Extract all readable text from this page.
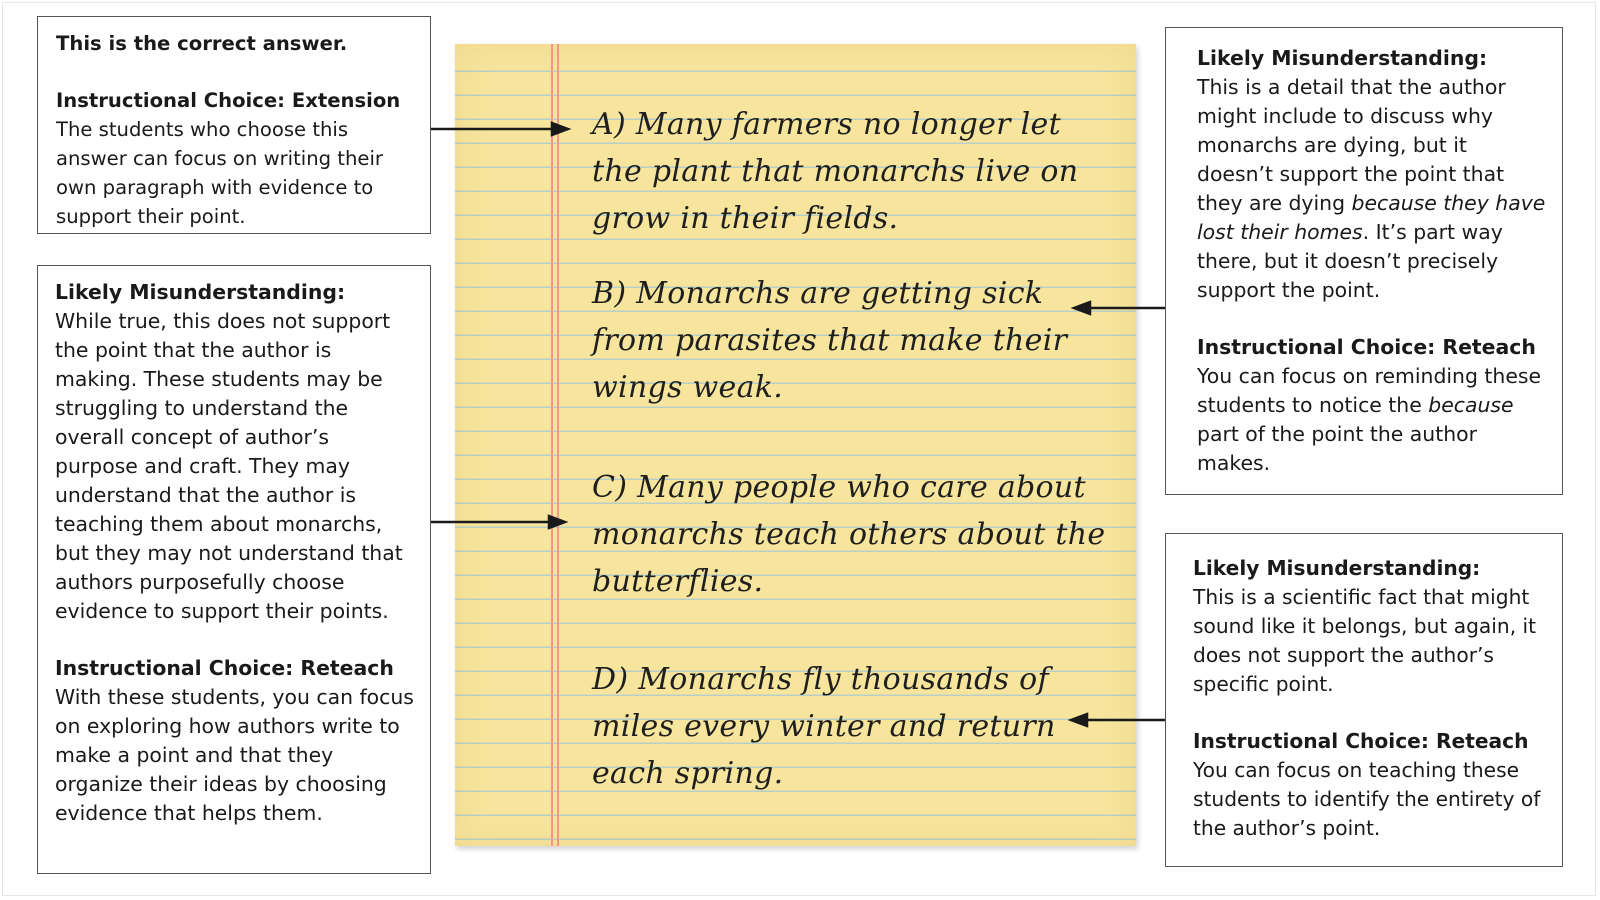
This is the correct answer.

Instructional Choice: Extension
The students who choose this answer can focus on writing their own paragraph with evidence to support their point.

Likely Misunderstanding:
While true, this does not support the point that the author is making. These students may be struggling to understand the overall concept of author’s purpose and craft. They may understand that the author is teaching them about monarchs, but they may not understand that authors purposefully choose evidence to support their points.

Instructional Choice: Reteach
With these students, you can focus on exploring how authors write to make a point and that they organize their ideas by choosing evidence that helps them.

Likely Misunderstanding:
This is a detail that the author might include to discuss why monarchs are dying, but it doesn’t support the point that they are dying because they have lost their homes. It’s part way there, but it doesn’t precisely support the point.

Instructional Choice: Reteach
You can focus on reminding these students to notice the because part of the point the author makes.

Likely Misunderstanding:
This is a scientific fact that might sound like it belongs, but again, it does not support the author’s specific point.

Instructional Choice: Reteach
You can focus on teaching these students to identify the entirety of the author’s point.

A) Many farmers no longer let
the plant that monarchs live on
grow in their fields.
B) Monarchs are getting sick
from parasites that make their
wings weak.
C) Many people who care about
monarchs teach others about the
butterflies.
D) Monarchs fly thousands of
miles every winter and return
each spring.
